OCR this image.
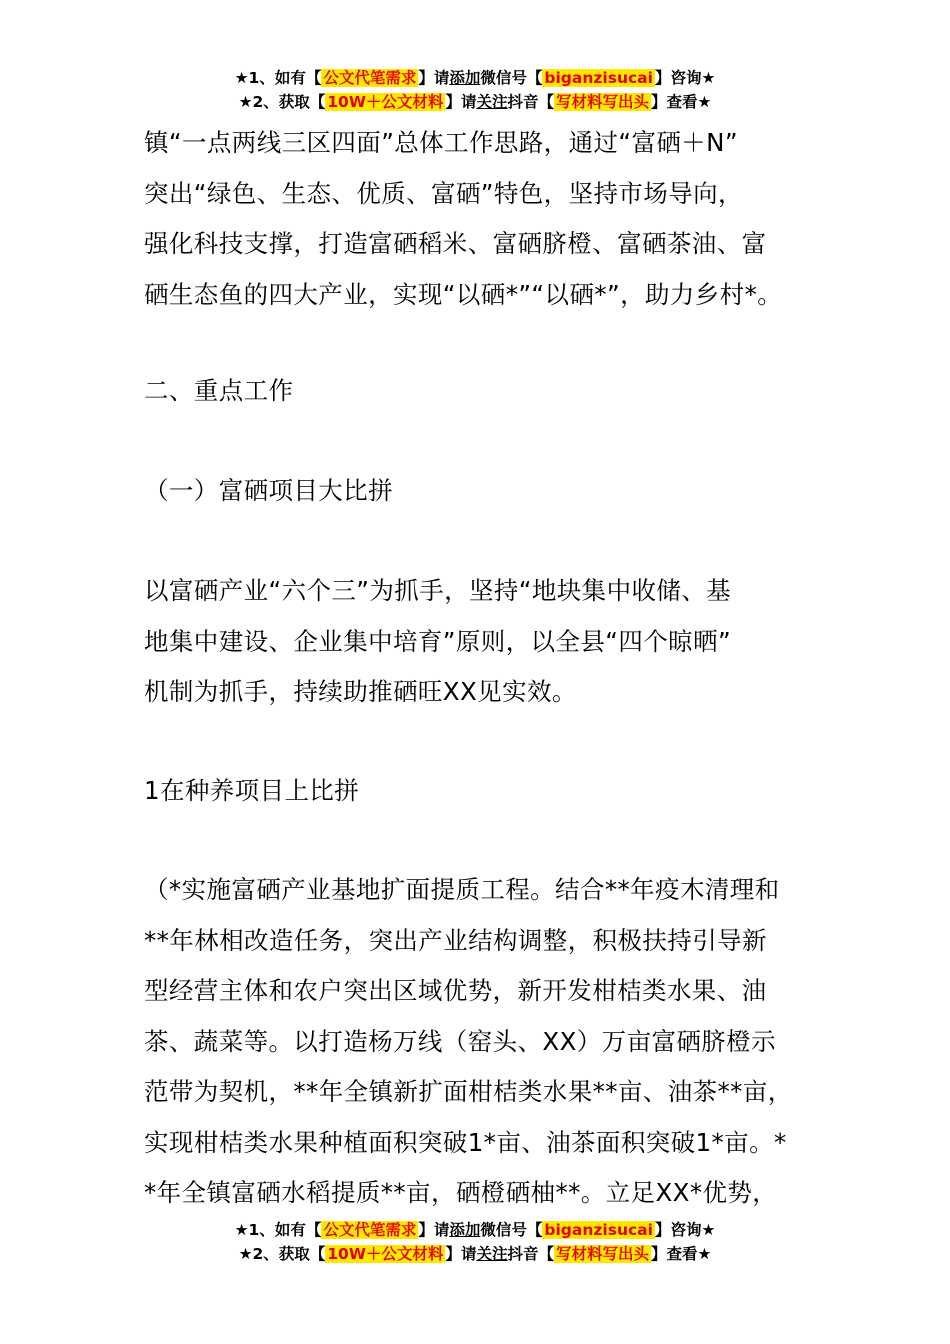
★1、如有【 公文代笔需求 】请添加微信号【 biganzisucai 】咨询★
★2、获取【 10W＋公文材料 】请关注抖音【 写材料写出头 】查看★
镇“一点两线三区四面”总体工作思路，通过“富硒＋N”
突出“绿色、生态、优质、富硒”特色，坚持市场导向，
强化科技支撑，打造富硒稻米、富硒脐橙、富硒茶油、富
硒生态鱼的四大产业，实现“以硒*”“以硒*”，助力乡村*。
二、重点工作
（一）富硒项目大比拼
以富硒产业“六个三”为抓手，坚持“地块集中收储、基
地集中建设、企业集中培育”原则，以全县“四个晾晒”
机制为抓手，持续助推硒旺XX见实效。
1在种养项目上比拼
（*实施富硒产业基地扩面提质工程。结合**年疫木清理和
**年林相改造任务，突出产业结构调整，积极扶持引导新
型经营主体和农户突出区域优势，新开发柑桔类水果、油
茶、蔬菜等。以打造杨万线（窑头、XX）万亩富硒脐橙示
范带为契机，**年全镇新扩面柑桔类水果**亩、油茶**亩，
实现柑桔类水果种植面积突破1*亩、油茶面积突破1*亩。*
*年全镇富硒水稻提质**亩，硒橙硒柚**。立足XX*优势，
★1、如有【 公文代笔需求 】请添加微信号【 biganzisucai 】咨询★
★2、获取【 10W＋公文材料 】请关注抖音【 写材料写出头 】查看★
